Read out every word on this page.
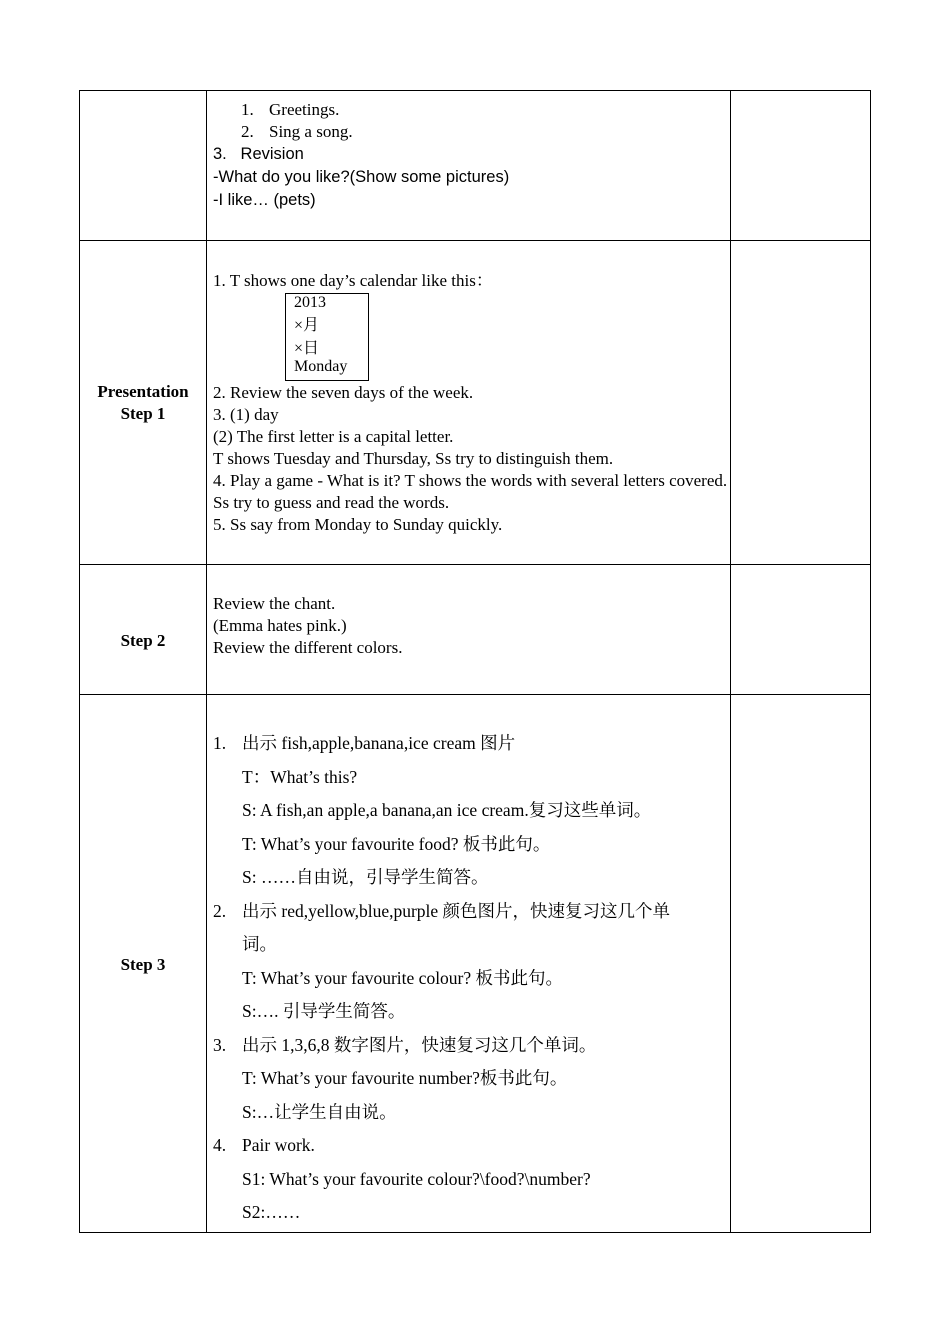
1. Greetings.
2. Sing a song.
3. Revision
-What do you like?(Show some pictures)
-I like… (pets)
Presentation
Step 1
1. T shows one day’s calendar like this：
2013
×月
×日
Monday
2. Review the seven days of the week.
3. (1) day
(2) The first letter is a capital letter.
T shows Tuesday and Thursday, Ss try to distinguish them.
4. Play a game - What is it? T shows the words with several letters covered. Ss try to guess and read the words.
5. Ss say from Monday to Sunday quickly.
Step 2
Review the chant.
(Emma hates pink.)
Review the different colors.
Step 3
1. 出示 fish,apple,banana,ice cream 图片
T：What’s this?
S: A fish,an apple,a banana,an ice cream.复习这些单词。
T: What’s your favourite food? 板书此句。
S: ……自由说，引导学生简答。
2. 出示 red,yellow,blue,purple 颜色图片，快速复习这几个单
词。
T: What’s your favourite colour? 板书此句。
S:…. 引导学生简答。
3. 出示 1,3,6,8 数字图片，快速复习这几个单词。
T: What’s your favourite number?板书此句。
S:…让学生自由说。
4. Pair work.
S1: What’s your favourite colour?\food?\number?
S2:……
